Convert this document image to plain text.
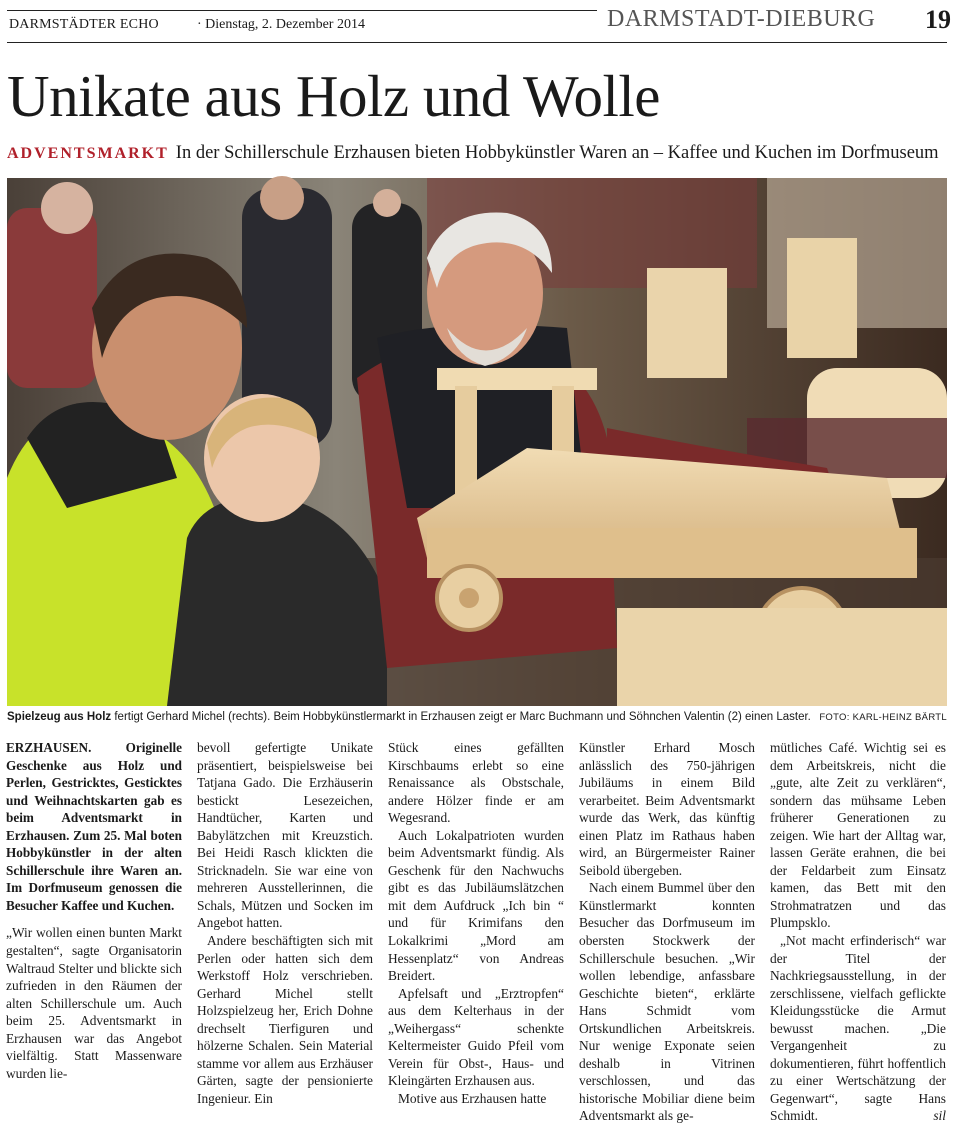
DARMSTÄDTER ECHO	· Dienstag, 2. Dezember 2014	DARMSTADT-DIEBURG 19
Unikate aus Holz und Wolle
ADVENTSMARKT In der Schillerschule Erzhausen bieten Hobbykünstler Waren an – Kaffee und Kuchen im Dorfmuseum
Spielzeug aus Holz fertigt Gerhard Michel (rechts). Beim Hobbykünstlermarkt in Erzhausen zeigt er Marc Buchmann und Söhnchen Valentin (2) einen Laster. FOTO: KARL-HEINZ BÄRTL

ERZHAUSEN. Originelle Geschenke aus Holz und Perlen, Gestricktes, Gesticktes und Weihnachtskarten gab es beim Adventsmarkt in Erzhausen. Zum 25. Mal boten Hobbykünstler in der alten Schillerschule ihre Waren an. Im Dorfmuseum genossen die Besucher Kaffee und Kuchen.

„Wir wollen einen bunten Markt gestalten“, sagte Organisatorin Waltraud Stelter und blickte sich zufrieden in den Räumen der alten Schillerschule um. Auch beim 25. Adventsmarkt in Erzhausen war das Angebot vielfältig. Statt Massenware wurden lie-

bevoll gefertigte Unikate präsentiert, beispielsweise bei Tatjana Gado. Die Erzhäuserin bestickt Lesezeichen, Handtücher, Karten und Babylätzchen mit Kreuzstich. Bei Heidi Rasch klickten die Stricknadeln. Sie war eine von mehreren Ausstellerinnen, die Schals, Mützen und Socken im Angebot hatten.

Andere beschäftigten sich mit Perlen oder hatten sich dem Werkstoff Holz verschrieben. Gerhard Michel stellt Holzspielzeug her, Erich Dohne drechselt Tierfiguren und hölzerne Schalen. Sein Material stamme vor allem aus Erzhäuser Gärten, sagte der pensionierte Ingenieur. Ein

Stück eines gefällten Kirschbaums erlebt so eine Renaissance als Obstschale, andere Hölzer finde er am Wegesrand.

Auch Lokalpatrioten wurden beim Adventsmarkt fündig. Als Geschenk für den Nachwuchs gibt es das Jubiläumslätzchen mit dem Aufdruck „Ich bin “ und für Krimifans den Lokalkrimi „Mord am Hessenplatz“ von Andreas Breidert.

Apfelsaft und „Erztropfen“ aus dem Kelterhaus in der „Weihergass“ schenkte Keltermeister Guido Pfeil vom Verein für Obst-, Haus- und Kleingärten Erzhausen aus.

Motive aus Erzhausen hatte

Künstler Erhard Mosch anlässlich des 750-jährigen Jubiläums in einem Bild verarbeitet. Beim Adventsmarkt wurde das Werk, das künftig einen Platz im Rathaus haben wird, an Bürgermeister Rainer Seibold übergeben.

Nach einem Bummel über den Künstlermarkt konnten Besucher das Dorfmuseum im obersten Stockwerk der Schillerschule besuchen. „Wir wollen lebendige, anfassbare Geschichte bieten“, erklärte Hans Schmidt vom Ortskundlichen Arbeitskreis. Nur wenige Exponate seien deshalb in Vitrinen verschlossen, und das historische Mobiliar diene beim Adventsmarkt als ge-

mütliches Café. Wichtig sei es dem Arbeitskreis, nicht die „gute, alte Zeit zu verklären“, sondern das mühsame Leben früherer Generationen zu zeigen. Wie hart der Alltag war, lassen Geräte erahnen, die bei der Feldarbeit zum Einsatz kamen, das Bett mit den Strohmatratzen und das Plumpsklo.

„Not macht erfinderisch“ war der Titel der Nachkriegsausstellung, in der zerschlissene, vielfach geflickte Kleidungsstücke die Armut bewusst machen. „Die Vergangenheit zu dokumentieren, führt hoffentlich zu einer Wertschätzung der Gegenwart“, sagte Hans Schmidt.	sil
